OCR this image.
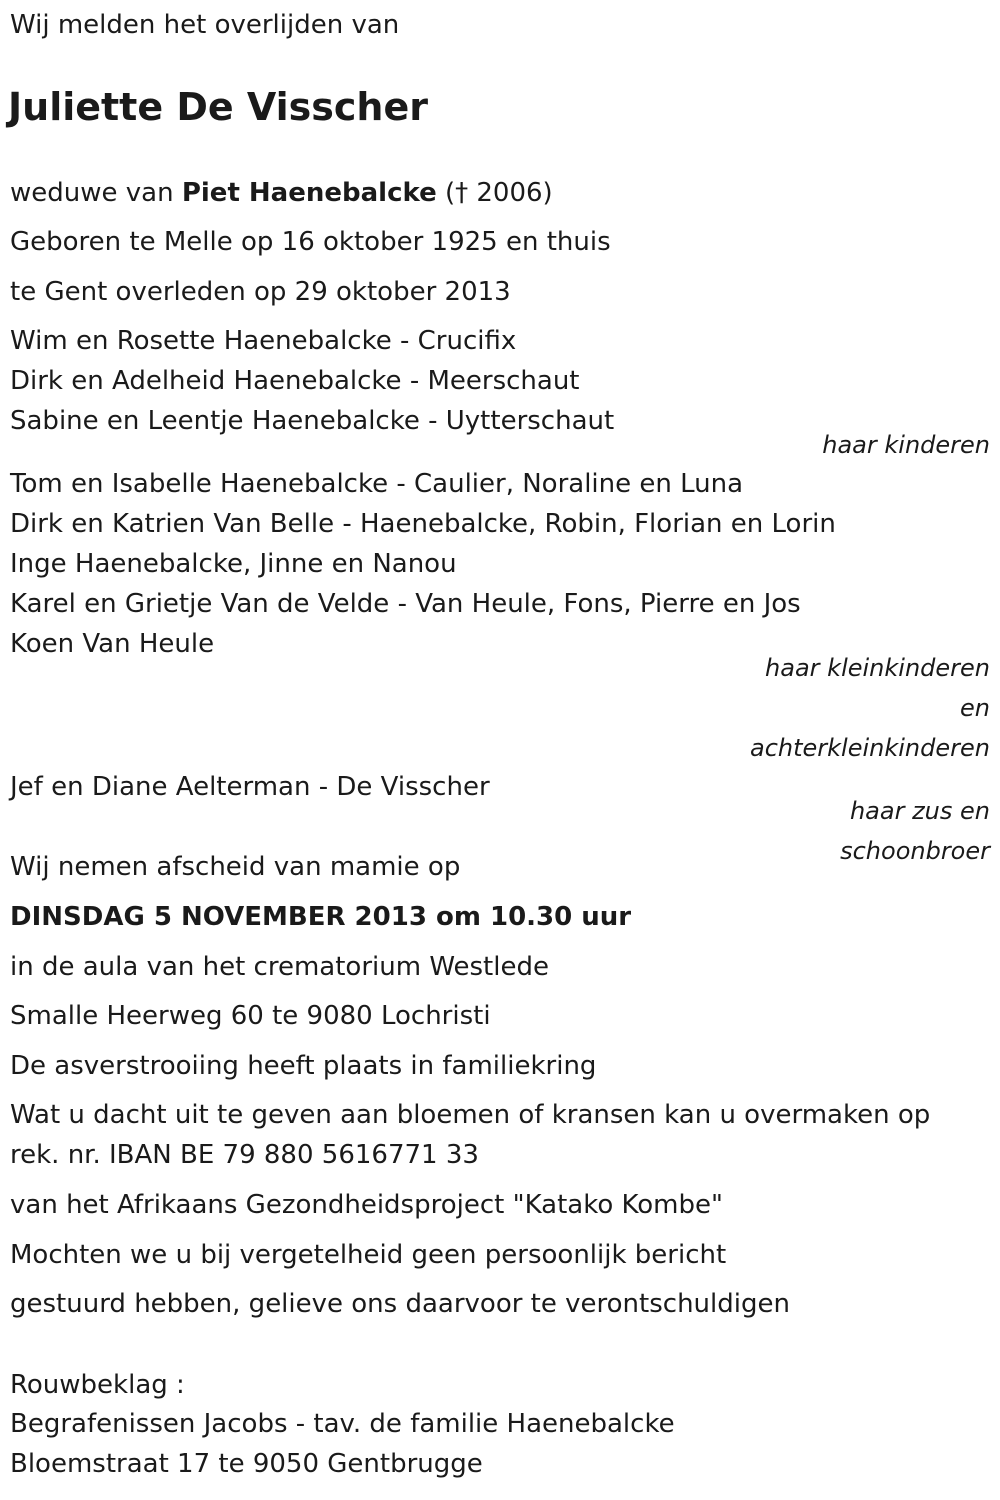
Wij melden het overlijden van

Juliette De Visscher

weduwe van Piet Haenebalcke († 2006)

Geboren te Melle op 16 oktober 1925 en thuis

te Gent overleden op 29 oktober 2013

Wim en Rosette Haenebalcke - Crucifix

Dirk en Adelheid Haenebalcke - Meerschaut

Sabine en Leentje Haenebalcke - Uytterschaut

haar kinderen

Tom en Isabelle Haenebalcke - Caulier, Noraline en Luna

Dirk en Katrien Van Belle - Haenebalcke, Robin, Florian en Lorin

Inge Haenebalcke, Jinne en Nanou

Karel en Grietje Van de Velde - Van Heule, Fons, Pierre en Jos

Koen Van Heule

haar kleinkinderen

en

achterkleinkinderen

Jef en Diane Aelterman - De Visscher

haar zus en

schoonbroer

Wij nemen afscheid van mamie op

DINSDAG 5 NOVEMBER 2013 om 10.30 uur

in de aula van het crematorium Westlede

Smalle Heerweg 60 te 9080 Lochristi

De asverstrooiing heeft plaats in familiekring

Wat u dacht uit te geven aan bloemen of kransen kan u overmaken op

rek. nr. IBAN BE 79 880 5616771 33

van het Afrikaans Gezondheidsproject "Katako Kombe"

Mochten we u bij vergetelheid geen persoonlijk bericht

gestuurd hebben, gelieve ons daarvoor te verontschuldigen

Rouwbeklag :

Begrafenissen Jacobs - tav. de familie Haenebalcke

Bloemstraat 17 te 9050 Gentbrugge
